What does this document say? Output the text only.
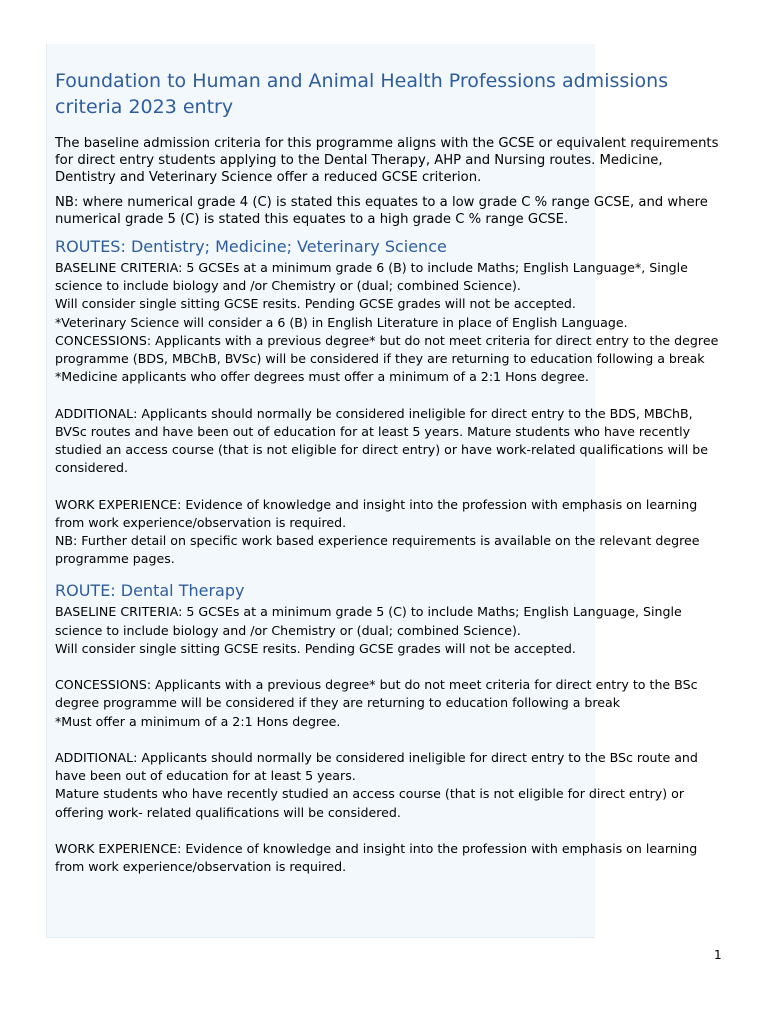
Foundation to Human and Animal Health Professions admissions criteria 2023 entry

The baseline admission criteria for this programme aligns with the GCSE or equivalent requirements for direct entry students applying to the Dental Therapy, AHP and Nursing routes. Medicine, Dentistry and Veterinary Science offer a reduced GCSE criterion.

NB: where numerical grade 4 (C) is stated this equates to a low grade C % range GCSE, and where numerical grade 5 (C) is stated this equates to a high grade C % range GCSE.

ROUTES: Dentistry; Medicine; Veterinary Science

BASELINE CRITERIA: 5 GCSEs at a minimum grade 6 (B) to include Maths; English Language*, Single science to include biology and /or Chemistry or (dual; combined Science).

Will consider single sitting GCSE resits. Pending GCSE grades will not be accepted.

*Veterinary Science will consider a 6 (B) in English Literature in place of English Language.

CONCESSIONS: Applicants with a previous degree* but do not meet criteria for direct entry to the degree programme (BDS, MBChB, BVSc) will be considered if they are returning to education following a break

*Medicine applicants who offer degrees must offer a minimum of a 2:1 Hons degree.

ADDITIONAL: Applicants should normally be considered ineligible for direct entry to the BDS, MBChB, BVSc routes and have been out of education for at least 5 years. Mature students who have recently studied an access course (that is not eligible for direct entry) or have work-related qualifications will be considered.

WORK EXPERIENCE: Evidence of knowledge and insight into the profession with emphasis on learning from work experience/observation is required.

NB: Further detail on specific work based experience requirements is available on the relevant degree programme pages.

ROUTE: Dental Therapy

BASELINE CRITERIA: 5 GCSEs at a minimum grade 5 (C) to include Maths; English Language, Single science to include biology and /or Chemistry or (dual; combined Science).

Will consider single sitting GCSE resits. Pending GCSE grades will not be accepted.

CONCESSIONS: Applicants with a previous degree* but do not meet criteria for direct entry to the BSc degree programme will be considered if they are returning to education following a break

*Must offer a minimum of a 2:1 Hons degree.

ADDITIONAL: Applicants should normally be considered ineligible for direct entry to the BSc route and have been out of education for at least 5 years.

Mature students who have recently studied an access course (that is not eligible for direct entry) or offering work- related qualifications will be considered.

WORK EXPERIENCE: Evidence of knowledge and insight into the profession with emphasis on learning from work experience/observation is required.

1
